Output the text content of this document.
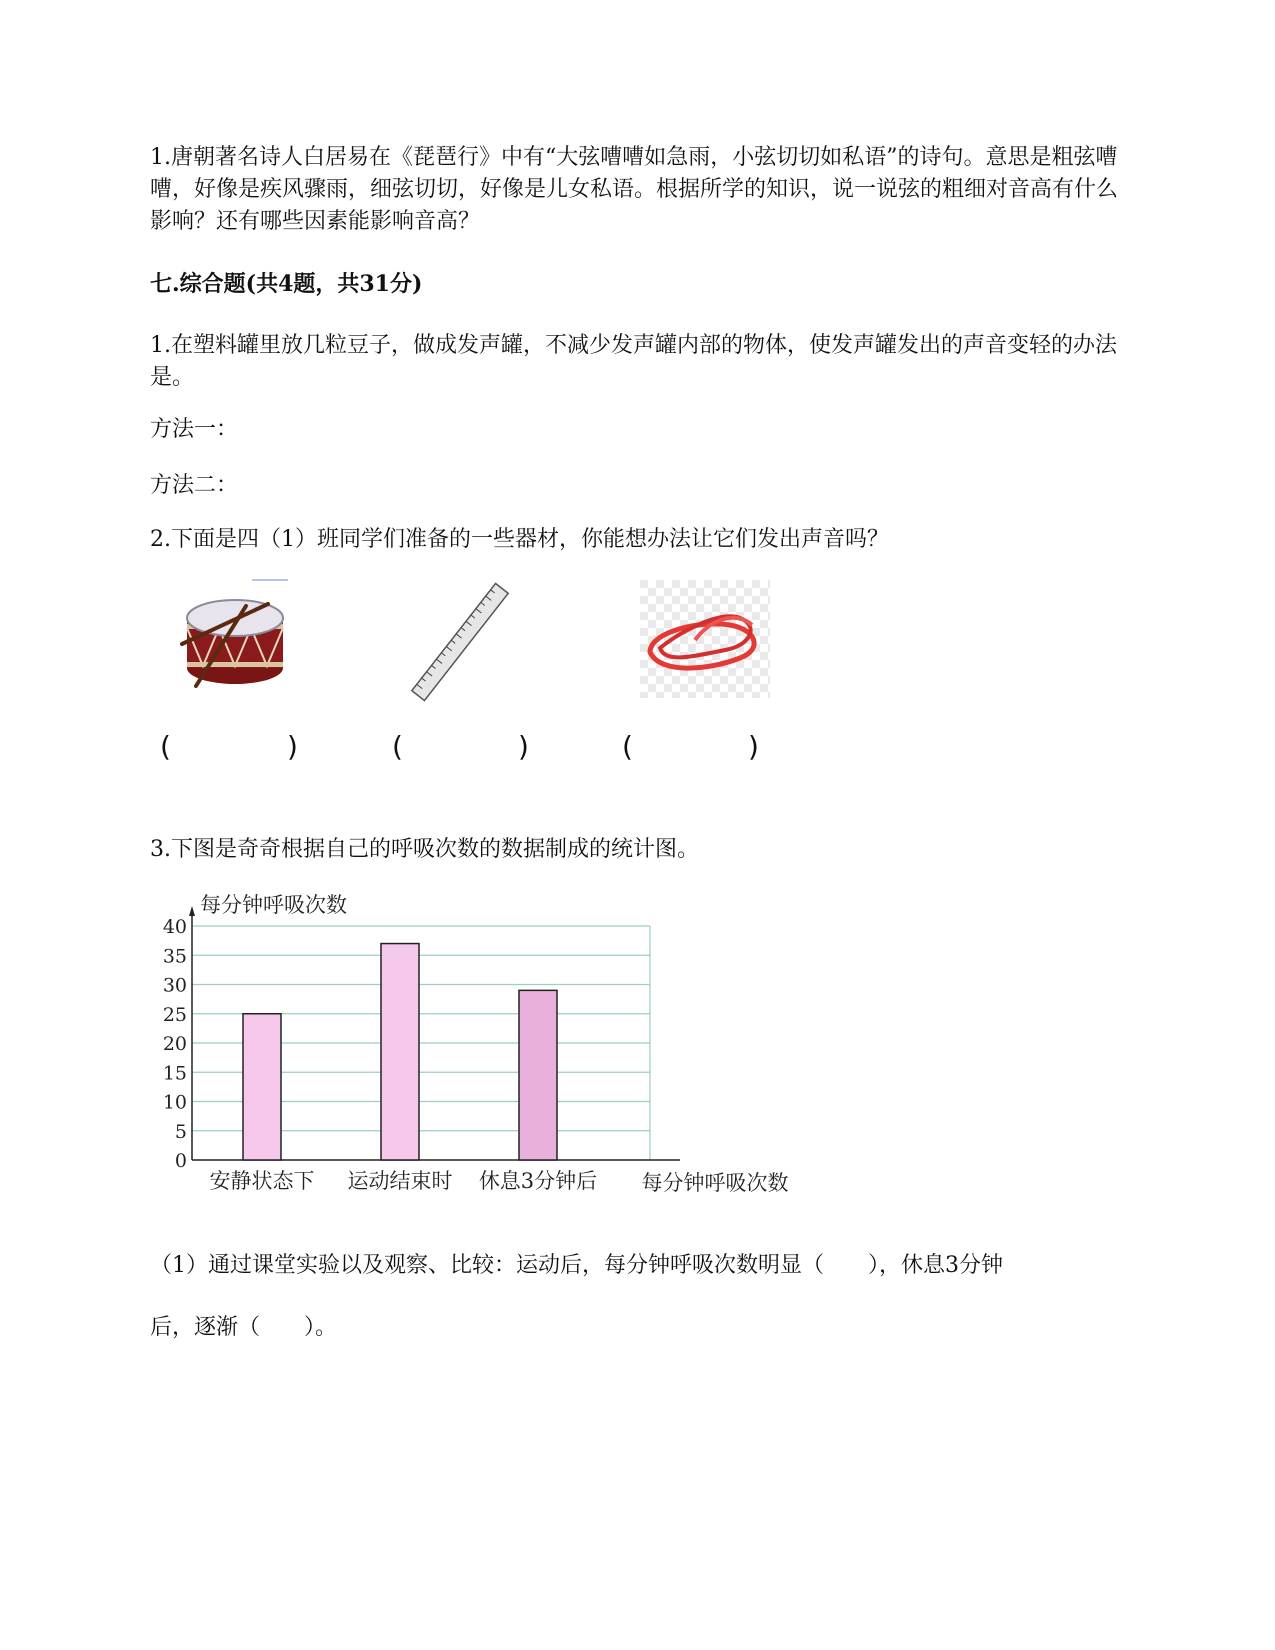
1.唐朝著名诗人白居易在《琵琶行》中有“大弦嘈嘈如急雨，小弦切切如私语”的诗句。意思是粗弦嘈嘈，好像是疾风骤雨，细弦切切，好像是儿女私语。根据所学的知识，说一说弦的粗细对音高有什么影响？还有哪些因素能影响音高？

七.综合题(共4题，共31分)

1.在塑料罐里放几粒豆子，做成发声罐，不减少发声罐内部的物体，使发声罐发出的声音变轻的办法是。

方法一：

方法二：

2.下面是四（1）班同学们准备的一些器材，你能想办法让它们发出声音吗？

(	)	(	)	(	)

3.下图是奇奇根据自己的呼吸次数的数据制成的统计图。

0
5
10
15
20
25
30
35
40
每分钟呼吸次数
安静状态下 运动结束时 休息3分钟后 每分钟呼吸次数

（1）通过课堂实验以及观察、比较：运动后，每分钟呼吸次数明显（　　），休息3分钟

后，逐渐（　　）。
